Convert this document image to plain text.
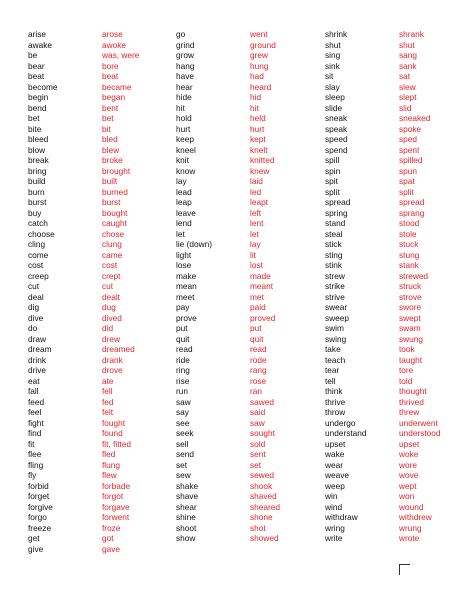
arise
awake
be
bear
beat
become
begin
bend
bet
bite
bleed
blow
break
bring
build
burn
burst
buy
catch
choose
cling
come
cost
creep
cut
deal
dig
dive
do
draw
dream
drink
drive
eat
fall
feed
feel
fight
find
fit
flee
fling
fly
forbid
forget
forgive
forgo
freeze
get
give
arose
awoke
was, were
bore
beat
became
began
bent
bet
bit
bled
blew
broke
brought
built
burned
burst
bought
caught
chose
clung
came
cost
crept
cut
dealt
dug
dived
did
drew
dreamed
drank
drove
ate
fell
fed
felt
fought
found
fit, fitted
fled
flung
flew
forbade
forgot
forgave
forwent
froze
got
gave
go
grind
grow
hang
have
hear
hide
hit
hold
hurt
keep
kneel
knit
know
lay
lead
leap
leave
lend
let
lie (down)
light
lose
make
mean
meet
pay
prove
put
quit
read
ride
ring
rise
run
saw
say
see
seek
sell
send
set
sew
shake
shave
shear
shine
shoot
show
went
ground
grew
hung
had
heard
hid
hit
held
hurt
kept
knelt
knitted
knew
laid
led
leapt
left
lent
let
lay
lit
lost
made
meant
met
paid
proved
put
quit
read
rode
rang
rose
ran
sawed
said
saw
sought
sold
sent
set
sewed
shook
shaved
sheared
shone
shot
showed
shrink
shut
sing
sink
sit
slay
sleep
slide
sneak
speak
speed
spend
spill
spin
spit
split
spread
spring
stand
steal
stick
sting
stink
strew
strike
strive
swear
sweep
swim
swing
take
teach
tear
tell
think
thrive
throw
undergo
understand
upset
wake
wear
weave
weep
win
wind
withdraw
wring
write
shrank
shut
sang
sank
sat
slew
slept
slid
sneaked
spoke
sped
spent
spilled
spun
spat
split
spread
sprang
stood
stole
stuck
stung
stank
strewed
struck
strove
swore
swept
swam
swung
took
taught
tore
told
thought
thrived
threw
underwent
understood
upset
woke
wore
wove
wept
won
wound
withdrew
wrung
wrote
